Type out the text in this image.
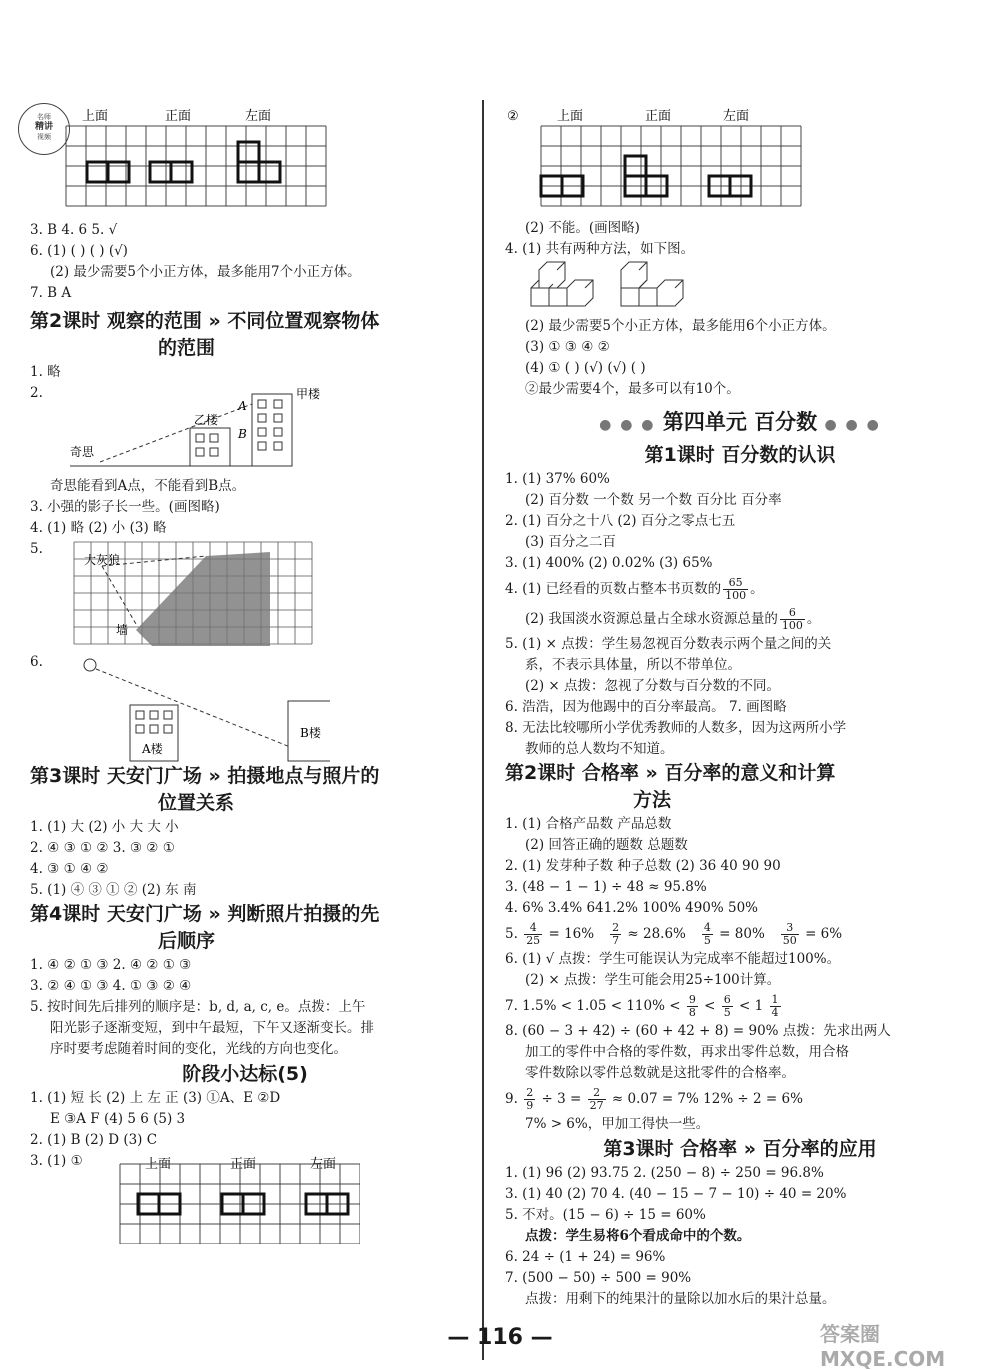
名师
精讲
视频
上面	正面	左面
3. B 4. 6 5. √
6. (1) ( ) ( ) (√)
(2) 最少需要5个小正方体，最多能用7个小正方体。
7. B A
第2课时 观察的范围 » 不同位置观察物体
的范围
1. 略
2.	甲楼
乙楼
奇思
A
B
奇思能看到A点，不能看到B点。
3. 小强的影子长一些。(画图略)
4. (1) 略 (2) 小 (3) 略
5.
大灰狼
墙
6.
A楼
B楼
第3课时 天安门广场 » 拍摄地点与照片的
位置关系
1. (1) 大 (2) 小 大 大 小
2. ④ ③ ① ② 3. ③ ② ①
4. ③ ① ④ ②
5. (1) ④ ③ ① ② (2) 东 南
第4课时 天安门广场 » 判断照片拍摄的先
后顺序
1. ④ ② ① ③ 2. ④ ② ① ③
3. ② ④ ① ③ 4. ① ③ ② ④
5. 按时间先后排列的顺序是：b, d, a, c, e。点拨：上午
阳光影子逐渐变短，到中午最短，下午又逐渐变长。排
序时要考虑随着时间的变化，光线的方向也变化。
阶段小达标(5)
1. (1) 短 长 (2) 上 左 正 (3) ①A、E ②D
E ③A F (4) 5 6 (5) 3
2. (1) B (2) D (3) C
3. (1) ①	上面	正面	左面
②	上面	正面	左面
(2) 不能。(画图略)
4. (1) 共有两种方法，如下图。
(2) 最少需要5个小正方体，最多能用6个小正方体。
(3) ① ③ ④ ②
(4) ① ( ) (√) (√) ( )
②最少需要4个，最多可以有10个。
● ● ● 第四单元 百分数 ● ● ●
第1课时 百分数的认识
1. (1) 37% 60%
(2) 百分数 一个数 另一个数 百分比 百分率
2. (1) 百分之十八 (2) 百分之零点七五
(3) 百分之二百
3. (1) 400% (2) 0.02% (3) 65%
4. (1) 已经看的页数占整本书页数的 $\frac{65}{100}$ 。
(2) 我国淡水资源总量占全球水资源总量的 $\frac{6}{100}$ 。
5. (1) × 点拨：学生易忽视百分数表示两个量之间的关
系，不表示具体量，所以不带单位。
(2) × 点拨：忽视了分数与百分数的不同。
6. 浩浩，因为他踢中的百分率最高。 7. 画图略
8. 无法比较哪所小学优秀教师的人数多，因为这两所小学
教师的总人数均不知道。
第2课时 合格率 » 百分率的意义和计算
方法
1. (1) 合格产品数 产品总数
(2) 回答正确的题数 总题数
2. (1) 发芽种子数 种子总数 (2) 36 40 90 90
3. (48 − 1 − 1) ÷ 48 ≈ 95.8%
4. 6% 3.4% 641.2% 100% 490% 50%
5. $\frac{4}{25} = 16\% \frac{2}{7} \approx 28.6\% \frac{4}{5} = 80\% \frac{3}{50} = 6\%$
6. (1) √ 点拨：学生可能误认为完成率不能超过100%。
(2) × 点拨：学生可能会用25÷100计算。
7. $1.5\% < 1.05 < 110\% < \frac{9}{8} < \frac{6}{5} < 1 \frac{1}{4}$
8. (60 − 3 + 42) ÷ (60 + 42 + 8) = 90% 点拨：先求出两人
加工的零件中合格的零件数，再求出零件总数，用合格
零件数除以零件总数就是这批零件的合格率。
9. $\frac{2}{9} \div 3 = \frac{2}{27} \approx 0.07 = 7\%$ 12% ÷ 2 = 6%
7% > 6%，甲加工得快一些。
第3课时 合格率 » 百分率的应用
1. (1) 96 (2) 93.75 2. (250 − 8) ÷ 250 = 96.8%
3. (1) 40 (2) 70 4. (40 − 15 − 7 − 10) ÷ 40 = 20%
5. 不对。(15 − 6) ÷ 15 = 60%
点拨：学生易将6个看成命中的个数。
6. 24 ÷ (1 + 24) = 96%
7. (500 − 50) ÷ 500 = 90%
点拨：用剩下的纯果汁的量除以加水后的果汁总量。
— 116 —	答案圈 MXQE.COM
